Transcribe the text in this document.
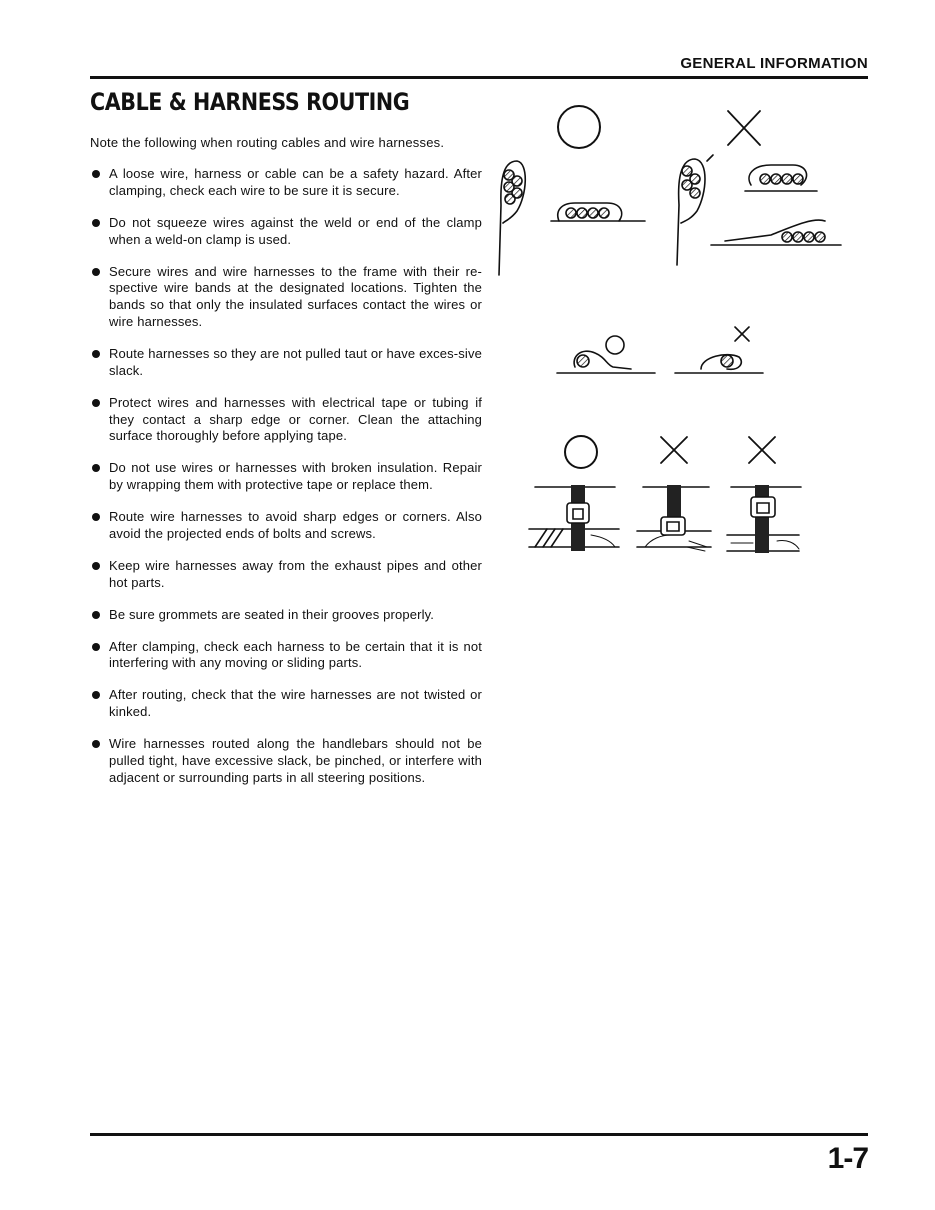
GENERAL INFORMATION
CABLE & HARNESS ROUTING
Note the following when routing cables and wire harnesses.
A loose wire, harness or cable can be a safety hazard. After clamping, check each wire to be sure it is secure.
Do not squeeze wires against the weld or end of the clamp when a weld-on clamp is used.
Secure wires and wire harnesses to the frame with their re-spective wire bands at the designated locations. Tighten the bands so that only the insulated surfaces contact the wires or wire harnesses.
Route harnesses so they are not pulled taut or have exces-sive slack.
Protect wires and harnesses with electrical tape or tubing if they contact a sharp edge or corner. Clean the attaching surface thoroughly before applying tape.
Do not use wires or harnesses with broken insulation. Repair by wrapping them with protective tape or replace them.
Route wire harnesses to avoid sharp edges or corners. Also avoid the projected ends of bolts and screws.
Keep wire harnesses away from the exhaust pipes and other hot parts.
Be sure grommets are seated in their grooves properly.
After clamping, check each harness to be certain that it is not interfering with any moving or sliding parts.
After routing, check that the wire harnesses are not twisted or kinked.
Wire harnesses routed along the handlebars should not be pulled tight, have excessive slack, be pinched, or interfere with adjacent or surrounding parts in all steering positions.
1-7
